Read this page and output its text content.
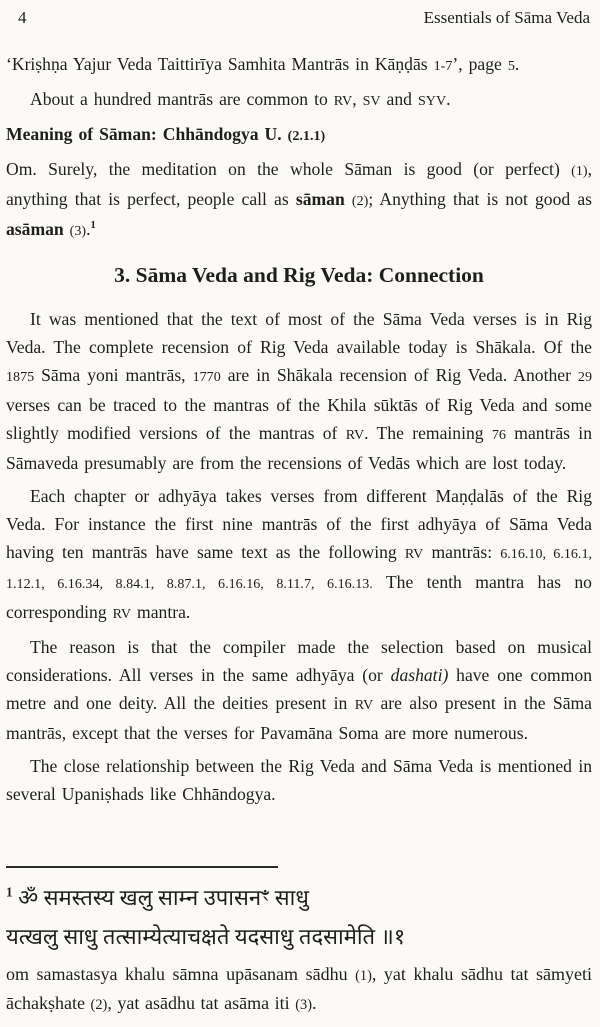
4	Essentials of Sāma Veda

‘Kriṣhṇa Yajur Veda Taittirīya Samhita Mantrās in Kāṇḍās 1-7’, page 5.

About a hundred mantrās are common to RV, SV and SYV.

Meaning of Sāman: Chhāndogya U. (2.1.1)

Om. Surely, the meditation on the whole Sāman is good (or perfect) (1), anything that is perfect, people call as sāman (2); Anything that is not good as asāman (3).$^1$

3. Sāma Veda and Rig Veda: Connection

It was mentioned that the text of most of the Sāma Veda verses is in Rig Veda. The complete recension of Rig Veda available today is Shākala. Of the 1875 Sāma yoni mantrās, 1770 are in Shākala recension of Rig Veda. Another 29 verses can be traced to the mantras of the Khila sūktās of Rig Veda and some slightly modified versions of the mantras of RV. The remaining 76 mantrās in Sāmaveda presumably are from the recensions of Vedās which are lost today.

Each chapter or adhyāya takes verses from different Maṇḍalās of the Rig Veda. For instance the first nine mantrās of the first adhyāya of Sāma Veda having ten mantrās have same text as the following RV mantrās: 6.16.10, 6.16.1, 1.12.1, 6.16.34, 8.84.1, 8.87.1, 6.16.16, 8.11.7, 6.16.13. The tenth mantra has no corresponding RV mantra.

The reason is that the compiler made the selection based on musical considerations. All verses in the same adhyāya (or dashati) have one common metre and one deity. All the deities present in RV are also present in the Sāma mantrās, except that the verses for Pavamāna Soma are more numerous.

The close relationship between the Rig Veda and Sāma Veda is mentioned in several Upaniṣhads like Chhāndogya.

$^1$ ॐ समस्तस्य खलु साम्न उपासनꣳ साधु
यत्खलु साधु तत्साम्येत्याचक्षते यदसाधु तदसामेति ॥१
om samastasya khalu sāmna upāsanam sādhu (1), yat khalu sādhu tat sāmyeti āchakṣhate (2), yat asādhu tat asāma iti (3).
